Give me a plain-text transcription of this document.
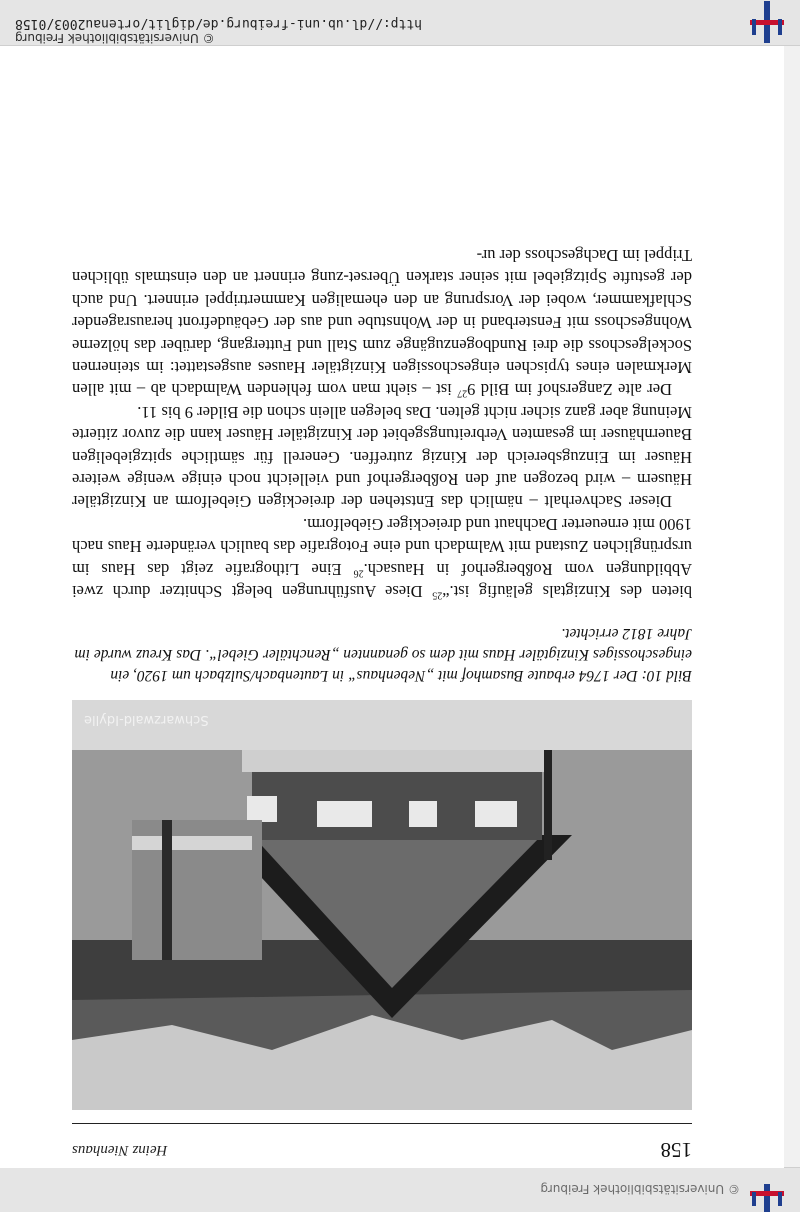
© Universitätsbibliothek Freiburg
158
Heinz Nienhaus
Schwarzwald-Idylle
Bild 10: Der 1764 erbaute Busamhof mit „Nebenhaus“ in Lautenbach/Sulzbach um 1920, ein eingeschossiges Kinzigtäler Haus mit dem so genannten „Renchtäler Giebel“. Das Kreuz wurde im Jahre 1812 errichtet.

bieten des Kinzigtals geläufig ist.“$^{25}$ Diese Ausführungen belegt Schnitzer durch zwei Abbildungen vom Roßbergerhof in Hausach.$^{26}$ Eine Lithografie zeigt das Haus im ursprünglichen Zustand mit Walmdach und eine Fotografie das baulich veränderte Haus nach 1900 mit erneuerter Dachhaut und dreieckiger Giebelform.

Dieser Sachverhalt – nämlich das Entstehen der dreieckigen Giebelform an Kinzigtäler Häusern – wird bezogen auf den Roßbergerhof und vielleicht noch einige wenige weitere Häuser im Einzugsbereich der Kinzig zutreffen. Generell für sämtliche spitzgiebeligen Bauernhäuser im gesamten Verbreitungsgebiet der Kinzigtäler Häuser kann die zuvor zitierte Meinung aber ganz sicher nicht gelten. Das belegen allein schon die Bilder 9 bis 11.

Der alte Zangershof im Bild $9^{27}$ ist – sieht man vom fehlenden Walmdach ab – mit allen Merkmalen eines typischen eingeschossigen Kinzigtäler Hauses ausgestattet: im steinernen Sockelgeschoss die drei Rundbogenzugänge zum Stall und Futtergang, darüber das hölzerne Wohngeschoss mit Fensterband in der Wohnstube und aus der Gebäudefront herausragender Schlafkammer, wobei der Vorsprung an den ehemaligen Kammertrippel erinnert. Und auch der gestufte Spitzgiebel mit seiner starken Überset-zung erinnert an den einstmals üblichen Trippel im Dachgeschoss der ur-

http://dl.ub.uni-freiburg.de/diglit/ortenau2003/0158
© Universitätsbibliothek Freiburg
